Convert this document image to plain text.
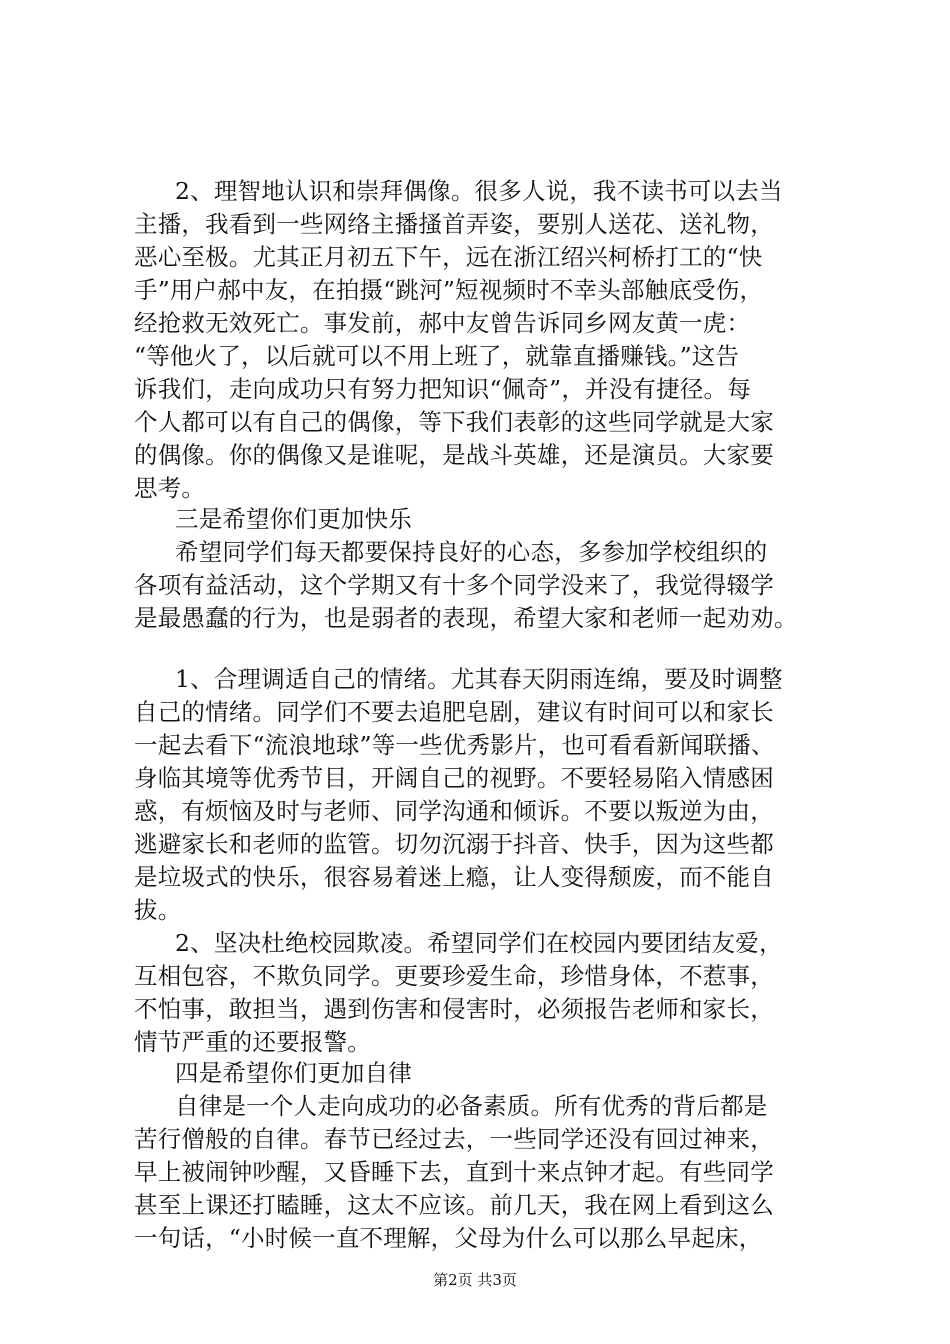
2、理智地认识和崇拜偶像。很多人说，我不读书可以去当
主播，我看到一些网络主播搔首弄姿，要别人送花、送礼物，
恶心至极。尤其正月初五下午，远在浙江绍兴柯桥打工的“快
手”用户郝中友，在拍摄“跳河”短视频时不幸头部触底受伤，
经抢救无效死亡。事发前，郝中友曾告诉同乡网友黄一虎：
“等他火了，以后就可以不用上班了，就靠直播赚钱。”这告
诉我们，走向成功只有努力把知识“佩奇”，并没有捷径。每
个人都可以有自己的偶像，等下我们表彰的这些同学就是大家
的偶像。你的偶像又是谁呢，是战斗英雄，还是演员。大家要
思考。
三是希望你们更加快乐
希望同学们每天都要保持良好的心态，多参加学校组织的
各项有益活动，这个学期又有十多个同学没来了，我觉得辍学
是最愚蠢的行为，也是弱者的表现，希望大家和老师一起劝劝。
1、合理调适自己的情绪。尤其春天阴雨连绵，要及时调整
自己的情绪。同学们不要去追肥皂剧，建议有时间可以和家长
一起去看下“流浪地球”等一些优秀影片，也可看看新闻联播、
身临其境等优秀节目，开阔自己的视野。不要轻易陷入情感困
惑，有烦恼及时与老师、同学沟通和倾诉。不要以叛逆为由，
逃避家长和老师的监管。切勿沉溺于抖音、快手，因为这些都
是垃圾式的快乐，很容易着迷上瘾，让人变得颓废，而不能自
拔。
2、坚决杜绝校园欺凌。希望同学们在校园内要团结友爱，
互相包容，不欺负同学。更要珍爱生命，珍惜身体，不惹事，
不怕事，敢担当，遇到伤害和侵害时，必须报告老师和家长，
情节严重的还要报警。
四是希望你们更加自律
自律是一个人走向成功的必备素质。所有优秀的背后都是
苦行僧般的自律。春节已经过去，一些同学还没有回过神来，
早上被闹钟吵醒，又昏睡下去，直到十来点钟才起。有些同学
甚至上课还打瞌睡，这太不应该。前几天，我在网上看到这么
一句话，“小时候一直不理解，父母为什么可以那么早起床，
第2页 共3页
